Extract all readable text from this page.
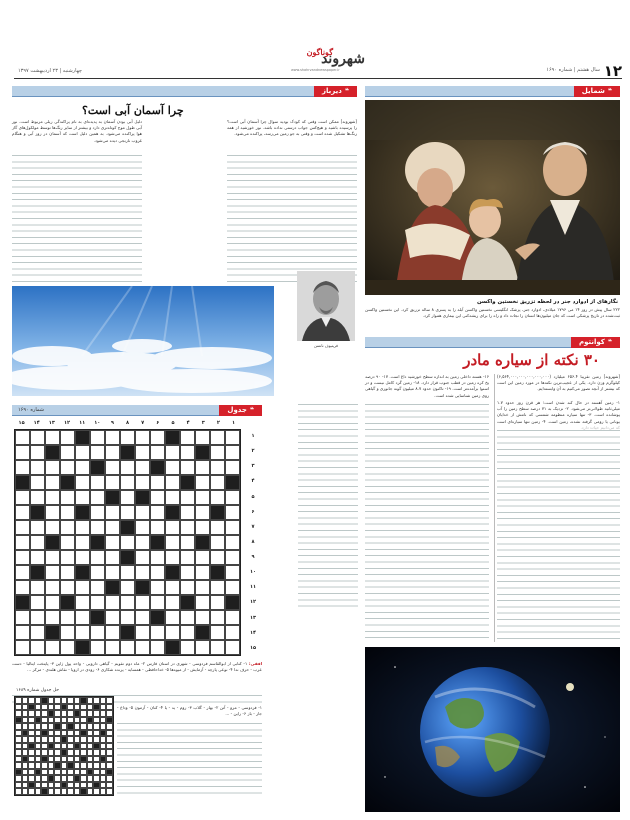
۱۲
سال هشتم | شماره ۱۶۹۰
گوناگون
شهروند
www.shahrvandnewspaper.ir
چهارشنبه | ۲۳ اردیبهشت ۱۳۹۷
❝
شمایل
نگارهای از ادوارد جنر در لحظه تزریق نخستین واکسن
۲۲۲ سال پیش در روز ۱۴ می ۱۷۹۶ میلادی، ادوارد جنر، پزشک انگلیسی نخستین واکسن آبله را به پسری ۸ ساله تزریق کرد. این نخستین واکسن ثبت‌شده در تاریخ پزشکی است که جان میلیون‌ها انسان را نجات داد و راه را برای ریشه‌کنی این بیماری هموار کرد.
❝
کوانتوم
۳۰ نکته از سیاره مادر
[شهروند] زمین تقریبا ۶۵۶.۴ میلیارد (۶,۵۶۴,۰۰۰,۰۰۰,۰۰۰,۰۰۰,۰۰۰) کیلوگرم وزن دارد. یکی از عجیب‌ترین نکته‌ها در مورد زمین این است که بیشتر از آنچه تصور می‌کنیم به آن وابسته‌ایم.
۱- زمین آهسته در حال کند شدن است؛ هر قرن روز حدود ۱.۷ میلی‌ثانیه طولانی‌تر می‌شود. ۲- نزدیک به ۷۱ درصد سطح زمین را آب پوشانده است. ۳- تنها سیاره منظومه شمسی که نامش از خدایان یونانی یا رومی گرفته نشده، زمین است. ۴- زمین تنها سیاره‌ای است
۱۶- هسته داخلی زمین به اندازه سطح خورشید داغ است. ۱۷- ۹۰ درصد یخ کره زمین در قطب جنوب قرار دارد. ۱۸- زمین گرد کامل نیست و در استوا برآمده‌تر است. ۱۹- تاکنون حدود ۸.۷ میلیون گونه جانوری و گیاهی روی زمین شناسایی شده است.
❝
دیرباز
چرا آسمان آبی است؟
[شهروند] ممکن است وقتی که کودک بودید سوال چرا آسمان آبی است؟ را پرسیده باشید و هیچ‌کس جواب درستی نداده باشد. نور خورشید از همه رنگ‌ها تشکیل شده است و وقتی به جو زمین می‌رسد، پراکنده می‌شود.
دلیل آبی بودن آسمان به پدیده‌ای به نام پراکندگی ریلی مربوط است. نور آبی طول موج کوتاه‌تری دارد و بیشتر از سایر رنگ‌ها توسط مولکول‌های گاز هوا پراکنده می‌شود. به همین دلیل است که آسمان در روز آبی و هنگام غروب نارنجی دیده می‌شود.
فریتیوف نانسن
❝
جدول
شماره ۱۶۹۰
۱۵	۱۴	۱۳	۱۲	۱۱	۱۰	۹	۸	۷	۶	۵	۴	۳	۲	۱
۱
۲
۳
۴
۵
۶
۷
۸
۹
۱۰
۱۱
۱۲
۱۳
۱۴
۱۵
افقی: ۱- کتابی از ابوالقاسم فردوسی - شهری در استان فارس ۲- ماه دوم تقویم - گیاهی دارویی - واحد پول ژاپن ۳- پایتخت ایتالیا - دست عرب - حرف ندا ۴- نوعی پارچه - آزمایش - از میوه‌ها ۵- خداحافظی - همسایه - پرنده شکاری ۶- رودی در اروپا - نقاش هلندی - مرکز ...
حل جدول شماره ۱۶۸۹
۱- فردوسی - مرو - آتن ۲- بهار - گلاب ۳- روم - ید - یا ۴- کتان - آزمون ۵- وداع - جار - باز ۶- راین - ...
